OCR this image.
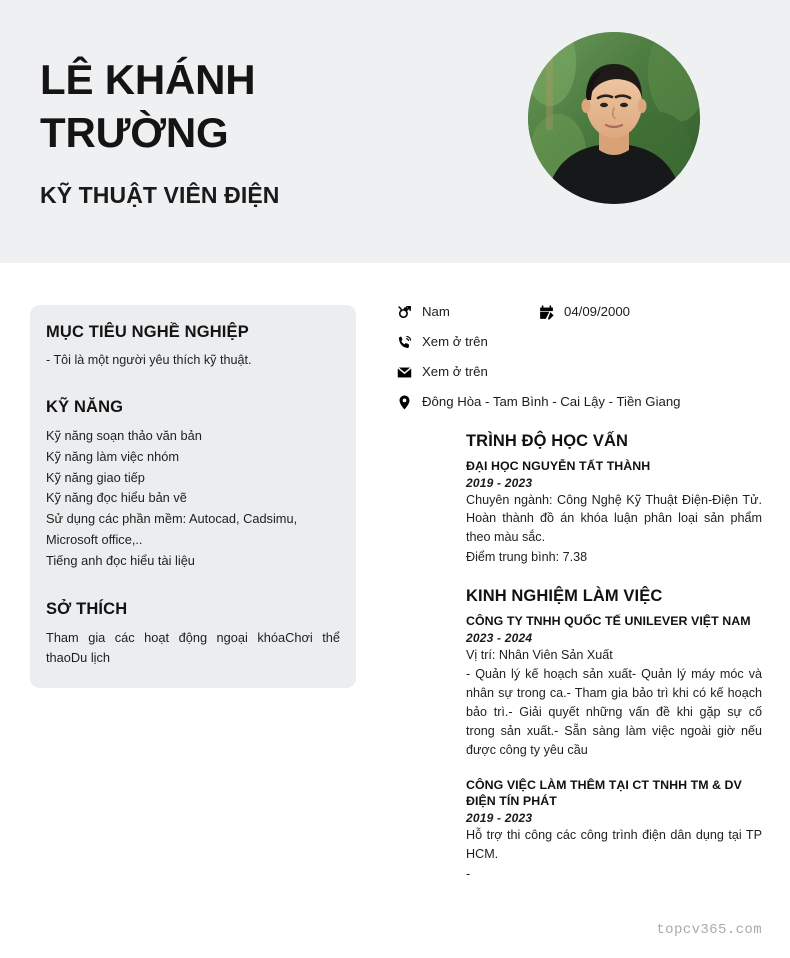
LÊ KHÁNH TRƯỜNG
KỸ THUẬT VIÊN ĐIỆN
MỤC TIÊU NGHỀ NGHIỆP
- Tôi là một người yêu thích kỹ thuật.
KỸ NĂNG
Kỹ năng soạn thảo văn bản
Kỹ năng làm việc nhóm
Kỹ năng giao tiếp
Kỹ năng đọc hiểu bản vẽ
Sử dụng các phần mềm: Autocad, Cadsimu, Microsoft office,..
Tiếng anh đọc hiểu tài liệu
SỞ THÍCH
Tham gia các hoạt động ngoại khóaChơi thể thaoDu lịch
Nam	04/09/2000
Xem ở trên
Xem ở trên
Đông Hòa - Tam Bình - Cai Lậy - Tiền Giang
TRÌNH ĐỘ HỌC VẤN
ĐẠI HỌC NGUYỄN TẤT THÀNH
2019 - 2023
Chuyên ngành: Công Nghệ Kỹ Thuật Điện-Điện Tử. Hoàn thành đồ án khóa luận phân loại sản phẩm theo màu sắc.
Điểm trung bình: 7.38
KINH NGHIỆM LÀM VIỆC
CÔNG TY TNHH QUỐC TẾ UNILEVER VIỆT NAM
2023 - 2024
Vị trí: Nhân Viên Sản Xuất
- Quản lý kế hoạch sản xuất- Quản lý máy móc và nhân sự trong ca.- Tham gia bảo trì khi có kế hoạch bảo trì.- Giải quyết những vấn đề khi gặp sự cố trong sản xuất.- Sẵn sàng làm việc ngoài giờ nếu được công ty yêu cầu
CÔNG VIỆC LÀM THÊM TẠI CT TNHH TM & DV ĐIỆN TÍN PHÁT
2019 - 2023
Hỗ trợ thi công các công trình điện dân dụng tại TP HCM.
-
topcv365.com
